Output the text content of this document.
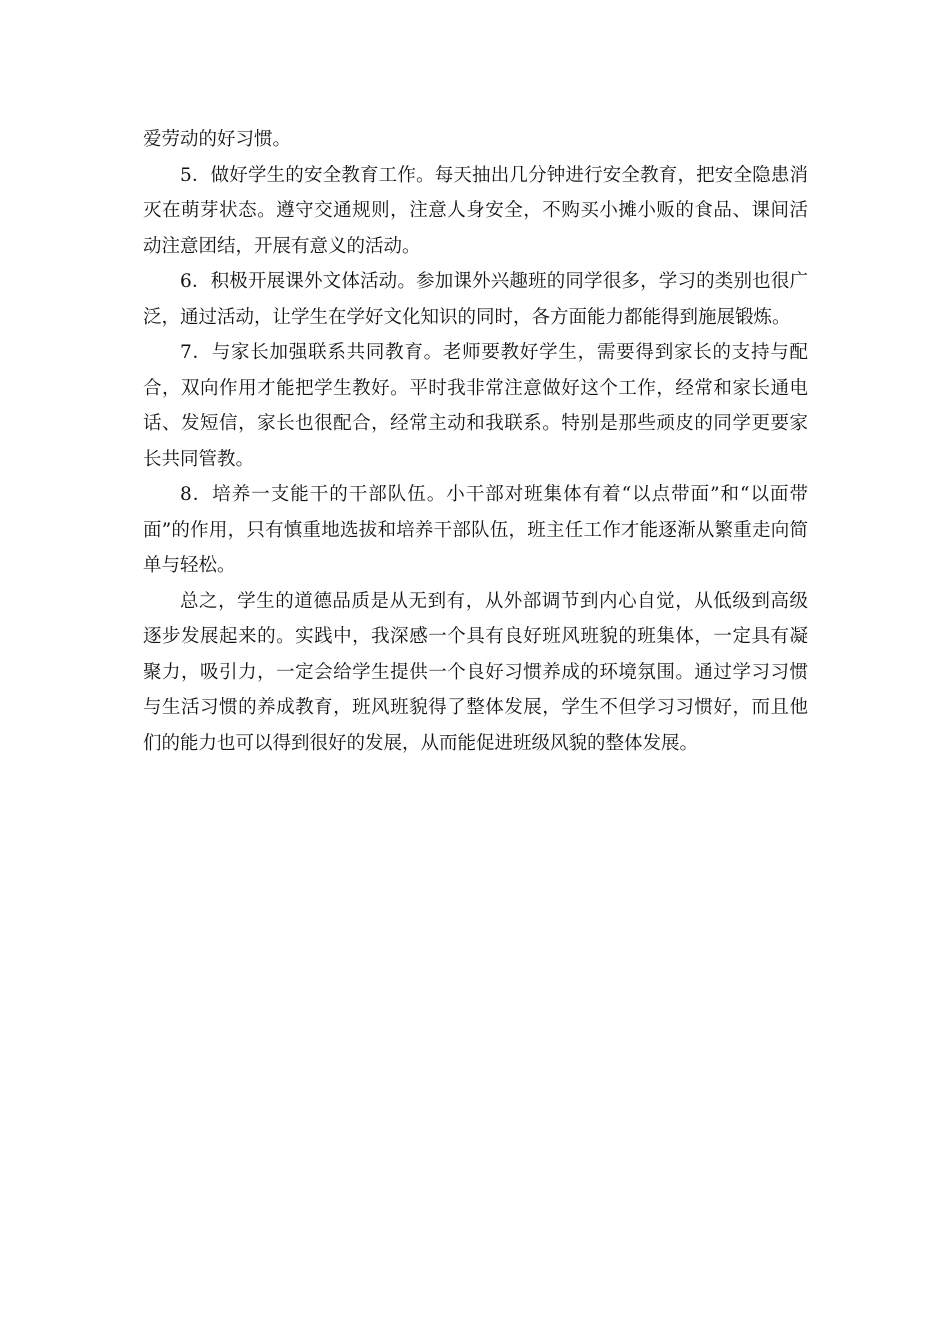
爱劳动的好习惯。

5．做好学生的安全教育工作。每天抽出几分钟进行安全教育，把安全隐患消灭在萌芽状态。遵守交通规则，注意人身安全，不购买小摊小贩的食品、课间活动注意团结，开展有意义的活动。

6．积极开展课外文体活动。参加课外兴趣班的同学很多，学习的类别也很广泛，通过活动，让学生在学好文化知识的同时，各方面能力都能得到施展锻炼。

7．与家长加强联系共同教育。老师要教好学生，需要得到家长的支持与配合，双向作用才能把学生教好。平时我非常注意做好这个工作，经常和家长通电话、发短信，家长也很配合，经常主动和我联系。特别是那些顽皮的同学更要家长共同管教。

8．培养一支能干的干部队伍。小干部对班集体有着“以点带面”和“以面带面”的作用，只有慎重地选拔和培养干部队伍，班主任工作才能逐渐从繁重走向简单与轻松。

总之，学生的道德品质是从无到有，从外部调节到内心自觉，从低级到高级逐步发展起来的。实践中，我深感一个具有良好班风班貌的班集体，一定具有凝聚力，吸引力，一定会给学生提供一个良好习惯养成的环境氛围。通过学习习惯与生活习惯的养成教育，班风班貌得了整体发展，学生不但学习习惯好，而且他们的能力也可以得到很好的发展，从而能促进班级风貌的整体发展。
